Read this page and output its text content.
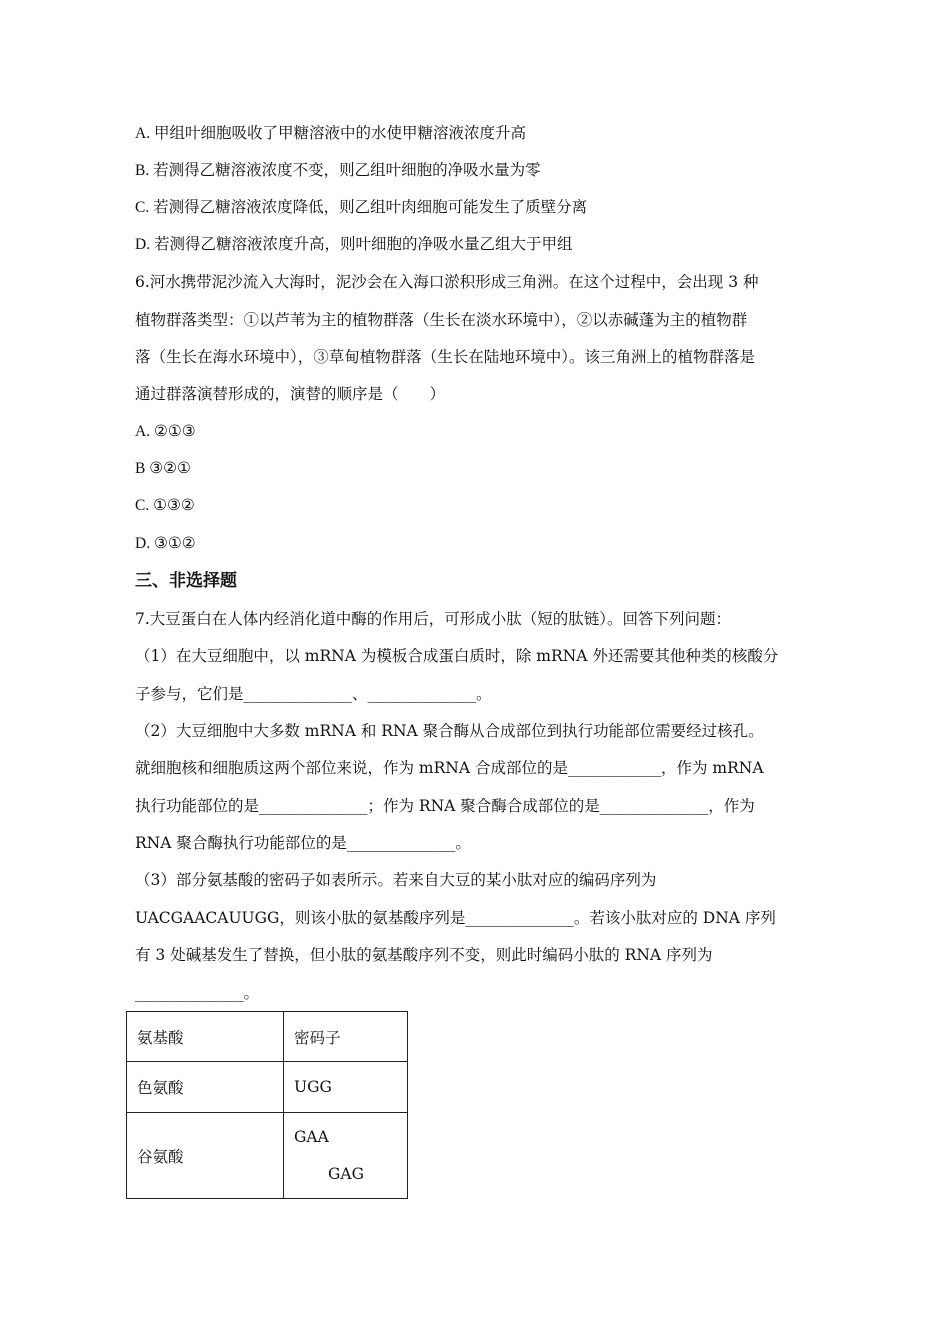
A. 甲组叶细胞吸收了甲糖溶液中的水使甲糖溶液浓度升高
B. 若测得乙糖溶液浓度不变，则乙组叶细胞的净吸水量为零
C. 若测得乙糖溶液浓度降低，则乙组叶肉细胞可能发生了质壁分离
D. 若测得乙糖溶液浓度升高，则叶细胞的净吸水量乙组大于甲组
6.河水携带泥沙流入大海时，泥沙会在入海口淤积形成三角洲。在这个过程中，会出现 3 种
植物群落类型：①以芦苇为主的植物群落（生长在淡水环境中），②以赤碱蓬为主的植物群
落（生长在海水环境中），③草甸植物群落（生长在陆地环境中）。该三角洲上的植物群落是
通过群落演替形成的，演替的顺序是（　　）
A. ②①③
B ③②①
C. ①③②
D. ③①②
三、非选择题
7.大豆蛋白在人体内经消化道中酶的作用后，可形成小肽（短的肽链）。回答下列问题：
（1）在大豆细胞中，以 mRNA 为模板合成蛋白质时，除 mRNA 外还需要其他种类的核酸分
子参与，它们是______________、______________。
（2）大豆细胞中大多数 mRNA 和 RNA 聚合酶从合成部位到执行功能部位需要经过核孔。
就细胞核和细胞质这两个部位来说，作为 mRNA 合成部位的是____________，作为 mRNA
执行功能部位的是______________；作为 RNA 聚合酶合成部位的是______________，作为
RNA 聚合酶执行功能部位的是______________。
（3）部分氨基酸的密码子如表所示。若来自大豆的某小肽对应的编码序列为
UACGAACAUUGG，则该小肽的氨基酸序列是______________。若该小肽对应的 DNA 序列
有 3 处碱基发生了替换，但小肽的氨基酸序列不变，则此时编码小肽的 RNA 序列为
______________。
氨基酸	密码子
色氨酸	UGG
谷氨酸	GAA
GAG
